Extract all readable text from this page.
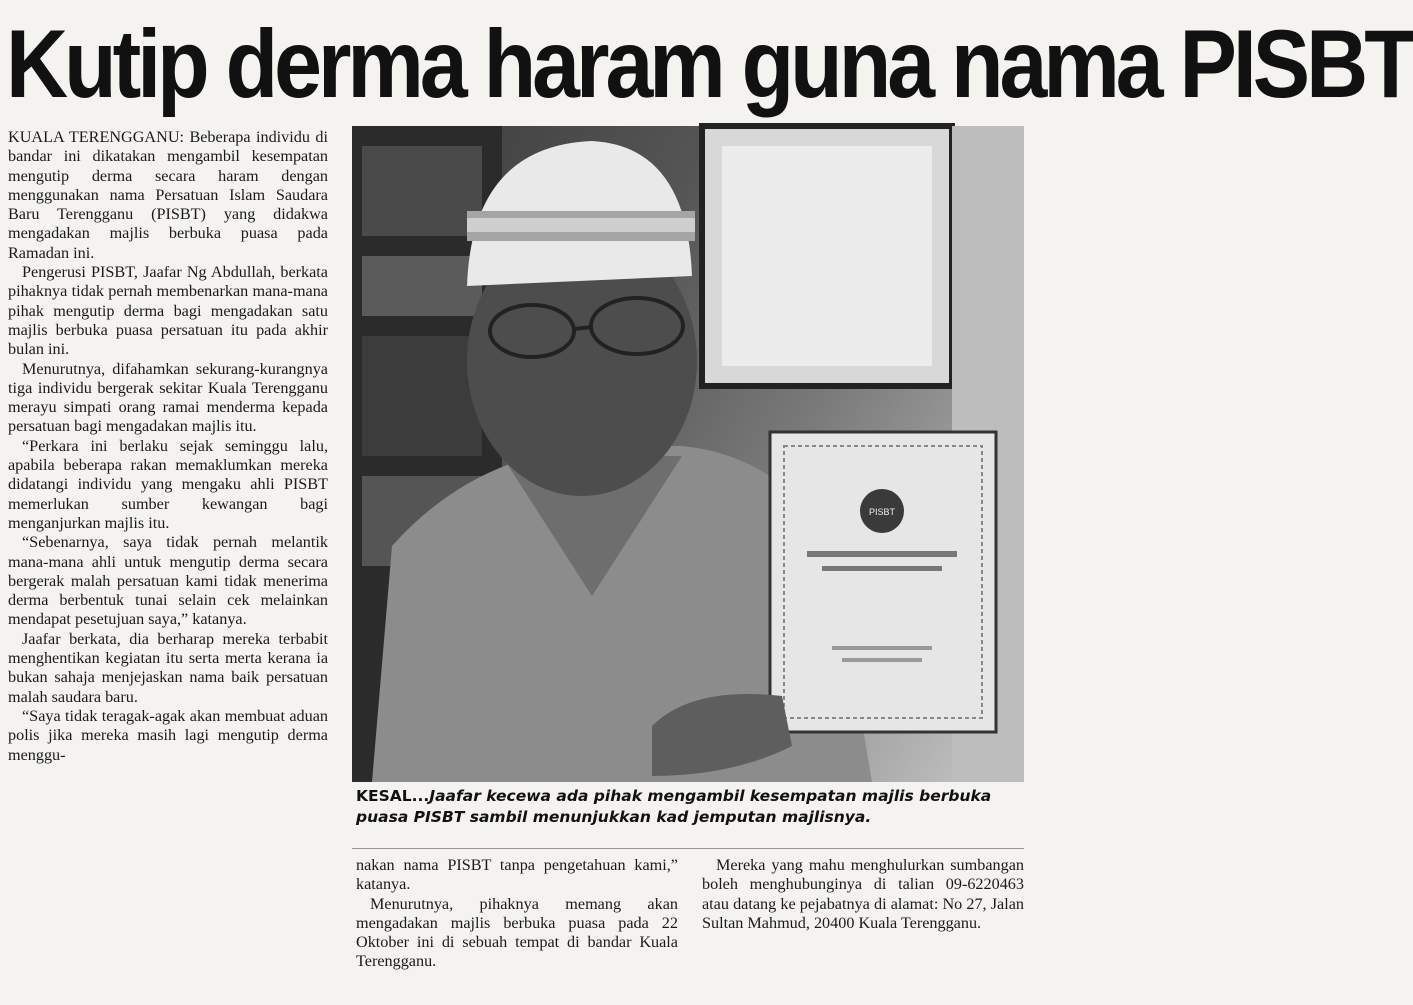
Kutip derma haram guna nama PISBT

KUALA TERENGGANU: Beberapa individu di bandar ini dikatakan mengambil kesempatan mengutip derma secara haram dengan menggunakan nama Persatuan Islam Saudara Baru Terengganu (PISBT) yang didakwa mengadakan majlis berbuka puasa pada Ramadan ini.

Pengerusi PISBT, Jaafar Ng Abdullah, berkata pihaknya tidak pernah membenarkan mana-mana pihak mengutip derma bagi mengadakan satu majlis berbuka puasa persatuan itu pada akhir bulan ini.

Menurutnya, difahamkan sekurang-kurangnya tiga individu bergerak sekitar Kuala Terengganu merayu simpati orang ramai menderma kepada persatuan bagi mengadakan majlis itu.

“Perkara ini berlaku sejak seminggu lalu, apabila beberapa rakan memaklumkan mereka didatangi individu yang mengaku ahli PISBT memerlukan sumber kewangan bagi menganjurkan majlis itu.

“Sebenarnya, saya tidak pernah melantik mana-mana ahli untuk mengutip derma secara bergerak malah persatuan kami tidak menerima derma berbentuk tunai selain cek melainkan mendapat pesetujuan saya,” katanya.

Jaafar berkata, dia berharap mereka terbabit menghentikan kegiatan itu serta merta kerana ia bukan sahaja menjejaskan nama baik persatuan malah saudara baru.

“Saya tidak teragak-agak akan membuat aduan polis jika mereka masih lagi mengutip derma menggu-

PISBT
KESAL...Jaafar kecewa ada pihak mengambil kesempatan majlis berbuka puasa PISBT sambil menunjukkan kad jemputan majlisnya.

nakan nama PISBT tanpa pengetahuan kami,” katanya.

Menurutnya, pihaknya memang akan mengadakan majlis berbuka puasa pada 22 Oktober ini di sebuah tempat di bandar Kuala Terengganu.

Mereka yang mahu menghulurkan sumbangan boleh menghubunginya di talian 09-6220463 atau datang ke pejabatnya di alamat: No 27, Jalan Sultan Mahmud, 20400 Kuala Terengganu.
